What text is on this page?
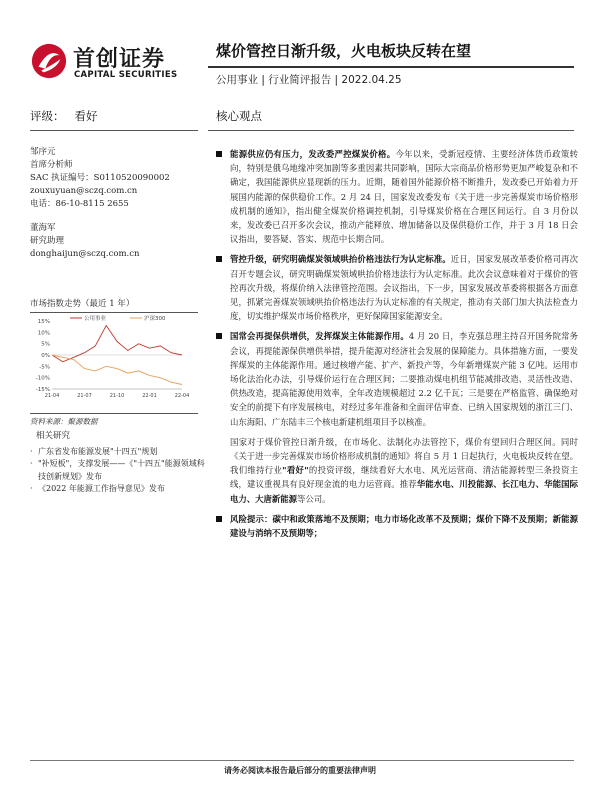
首创证券
CAPITAL SECURITIES
煤价管控日渐升级，火电板块反转在望
公用事业 | 行业简评报告 | 2022.04.25
评级： 看好	核心观点
邹序元
首席分析师
SAC 执证编号：S0110520090002
zouxuyuan@sczq.com.cn
电话：86-10-8115 2655
董海军
研究助理
donghaijun@sczq.com.cn
市场指数走势（最近 1 年）
15%
10%
5%
0%
-5%
-10%
-15%
21-04	21-07	21-10	22-01	22-04
公用事业	沪深300
资料来源：聚源数据
相关研究
· 广东省发布能源发展"十四五"规划
· "补短板"，支撑发展——《"十四五"能源领域科技创新规划》发布
· 《2022 年能源工作指导意见》发布
能源供应仍有压力，发改委严控煤炭价格。今年以来，受新冠疫情、主要经济体货币政策转向，特别是俄乌地缘冲突加剧等多重因素共同影响，国际大宗商品价格形势更加严峻复杂和不确定，我国能源供应显现新的压力。近期，随着国外能源价格不断推升，发改委已开始着力开展国内能源的保供稳价工作。2 月 24 日，国家发改委发布《关于进一步完善煤炭市场价格形成机制的通知》，指出健全煤炭价格调控机制，引导煤炭价格在合理区间运行。自 3 月份以来，发改委已召开多次会议，推动产能释放、增加储备以及保供稳价工作，并于 3 月 18 日会议指出，要答疑、答实、规范中长期合同。
管控升级，研究明确煤炭领域哄抬价格违法行为认定标准。近日，国家发展改革委价格司再次召开专题会议，研究明确煤炭领域哄抬价格违法行为认定标准。此次会议意味着对于煤价的管控再次升级，将煤价纳入法律管控范围。会议指出，下一步，国家发展改革委将根据各方面意见，抓紧完善煤炭领域哄抬价格违法行为认定标准的有关规定，推动有关部门加大执法检查力度，切实维护煤炭市场价格秩序，更好保障国家能源安全。
国常会再提保供增供，发挥煤炭主体能源作用。4 月 20 日，李克强总理主持召开国务院常务会议，再提能源保供增供举措，提升能源对经济社会发展的保障能力。具体措施方面，一要发挥煤炭的主体能源作用。通过核增产能、扩产、新投产等，今年新增煤炭产能 3 亿吨。运用市场化法治化办法，引导煤价运行在合理区间；二要推动煤电机组节能减排改造、灵活性改造、供热改造，提高能源使用效率，全年改造规模超过 2.2 亿千瓦；三是要在严格监管、确保绝对安全的前提下有序发展核电，对经过多年准备和全面评估审查、已纳入国家规划的浙江三门、山东海阳、广东陆丰三个核电新建机组项目予以核准。
国家对于煤价管控日渐升级，在市场化、法制化办法管控下，煤价有望回归合理区间。同时《关于进一步完善煤炭市场价格形成机制的通知》将自 5 月 1 日起执行，火电板块反转在望。我们维持行业"看好"的投资评级，继续看好大水电、风光运营商、清洁能源转型三条投资主线，建议重视具有良好现金流的电力运营商。推荐华能水电、川投能源、长江电力、华能国际电力、大唐新能源等公司。
风险提示：碳中和政策落地不及预期；电力市场化改革不及预期；煤价下降不及预期；新能源建设与消纳不及预期等；
请务必阅读本报告最后部分的重要法律声明
